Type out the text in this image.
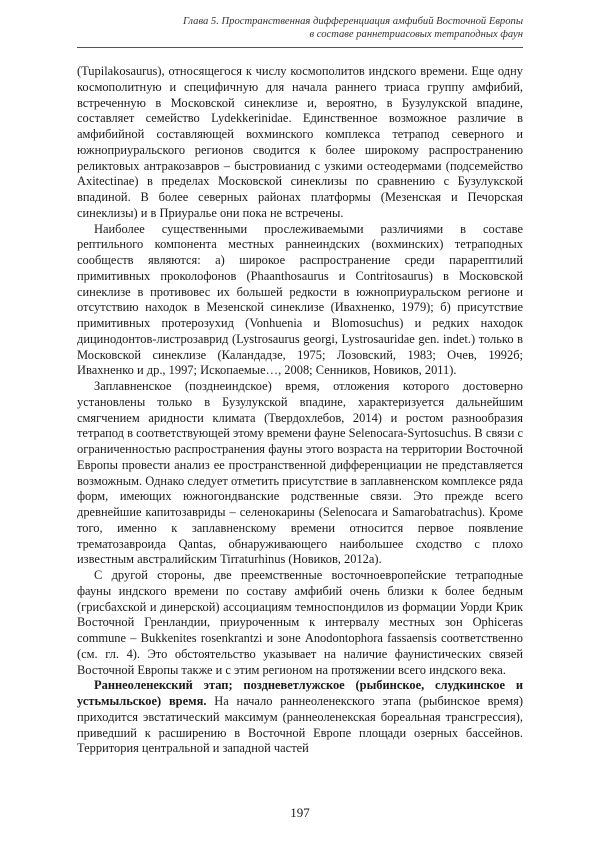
Глава 5. Пространственная дифференциация амфибий Восточной Европы
в составе раннетриасовых тетраподных фаун

(Tupilakosaurus), относящегося к числу космополитов индского времени. Еще одну космополитную и специфичную для начала раннего триаса группу амфибий, встреченную в Московской синеклизе и, вероятно, в Бузулукской впадине, составляет семейство Lydekkerinidae. Единственное возможное различие в амфибийной составляющей вохминского комплекса тетрапод северного и южноприуральского регионов сводится к более широкому распространению реликтовых антракозавров – быстровианид с узкими остеодермами (подсемейство Axitectinae) в пределах Московской синеклизы по сравнению с Бузулукской впадиной. В более северных районах платформы (Мезенская и Печорская синеклизы) и в Приуралье они пока не встречены.

Наиболее существенными прослеживаемыми различиями в составе рептильного компонента местных раннеиндских (вохминских) тетраподных сообществ являются: а) широкое распространение среди парарептилий примитивных проколофонов (Phaanthosaurus и Contritosaurus) в Московской синеклизе в противовес их большей редкости в южноприуральском регионе и отсутствию находок в Мезенской синеклизе (Ивахненко, 1979); б) присутствие примитивных протерозухид (Vonhuenia и Blomosuchus) и редких находок дицинодонтов-листрозаврид (Lystrosaurus georgi, Lystrosauridae gen. indet.) только в Московской синеклизе (Каландадзе, 1975; Лозовский, 1983; Очев, 1992б; Ивахненко и др., 1997; Ископаемые…, 2008; Сенников, Новиков, 2011).

Заплавненское (позднеиндское) время, отложения которого достоверно установлены только в Бузулукской впадине, характеризуется дальнейшим смягчением аридности климата (Твердохлебов, 2014) и ростом разнообразия тетрапод в соответствующей этому времени фауне Selenocara-Syrtosuchus. В связи с ограниченностью распространения фауны этого возраста на территории Восточной Европы провести анализ ее пространственной дифференциации не представляется возможным. Однако следует отметить присутствие в заплавненском комплексе ряда форм, имеющих южногондванские родственные связи. Это прежде всего древнейшие капитозавриды – селенокарины (Selenocara и Samarobatrachus). Кроме того, именно к заплавненскому времени относится первое появление трематозавроида Qantas, обнаруживающего наибольшее сходство с плохо известным австралийским Tirraturhinus (Новиков, 2012а).

С другой стороны, две преемственные восточноевропейские тетраподные фауны индского времени по составу амфибий очень близки к более бедным (грисбахской и динерской) ассоциациям темноспондилов из формации Уорди Крик Восточной Гренландии, приуроченным к интервалу местных зон Ophiceras commune – Bukkenites rosenkrantzi и зоне Anodontophora fassaensis соответственно (см. гл. 4). Это обстоятельство указывает на наличие фаунистических связей Восточной Европы также и с этим регионом на протяжении всего индского века.

Раннеоленекский этап; поздневетлужское (рыбинское, слудкинское и устьмыльское) время. На начало раннеоленекского этапа (рыбинское время) приходится эвстатический максимум (раннеоленекская бореальная трансгрессия), приведший к расширению в Восточной Европе площади озерных бассейнов. Территория центральной и западной частей

197
